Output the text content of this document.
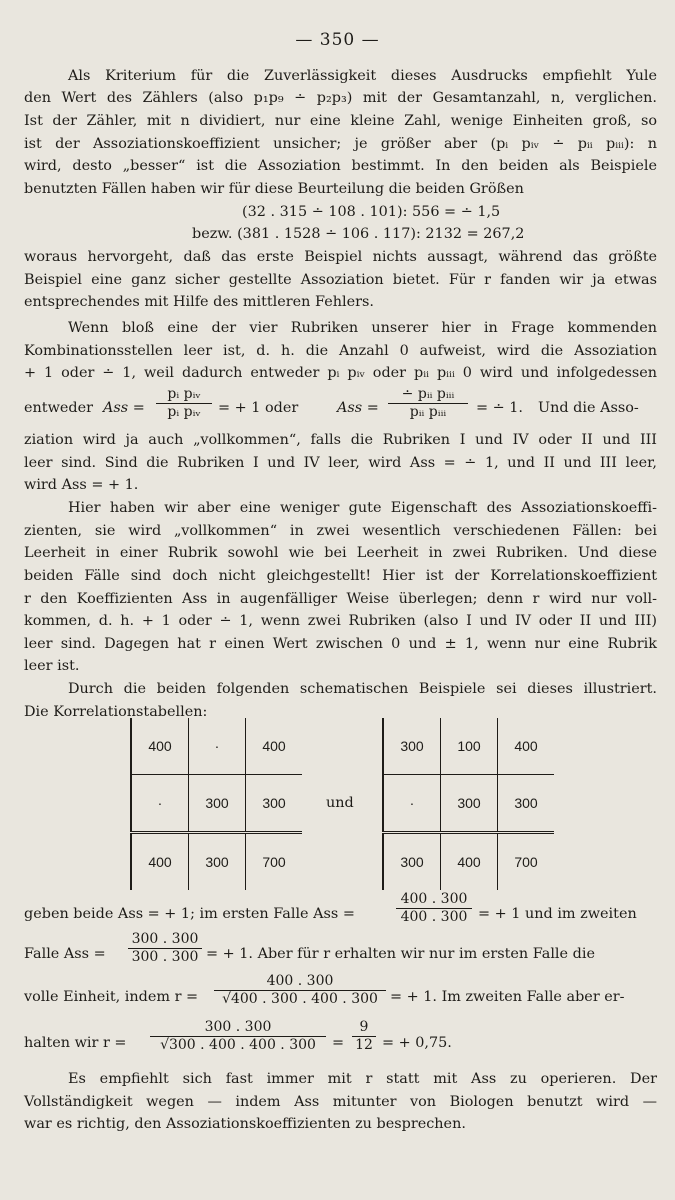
— 350 —
Als Kriterium für die Zuverlässigkeit dieses Ausdrucks empfiehlt Yule
den Wert des Zählers (also p₁p₉ ∸ p₂p₃) mit der Gesamtanzahl, n, verglichen.
Ist der Zähler, mit n dividiert, nur eine kleine Zahl, wenige Einheiten groß, so
ist der Assoziationskoeffizient unsicher; je größer aber (pᵢ pᵢᵥ ∸ pᵢᵢ pᵢᵢᵢ): n
wird, desto „besser“ ist die Assoziation bestimmt. In den beiden als Beispiele
benutzten Fällen haben wir für diese Beurteilung die beiden Größen
(32 . 315 ∸ 108 . 101): 556 = ∸ 1,5
bezw. (381 . 1528 ∸ 106 . 117): 2132 = 267,2
woraus hervorgeht, daß das erste Beispiel nichts aussagt, während das größte
Beispiel eine ganz sicher gestellte Assoziation bietet. Für r fanden wir ja etwas
entsprechendes mit Hilfe des mittleren Fehlers.
Wenn bloß eine der vier Rubriken unserer hier in Frage kommenden
Kombinationsstellen leer ist, d. h. die Anzahl 0 aufweist, wird die Assoziation
+ 1 oder ∸ 1, weil dadurch entweder pᵢ pᵢᵥ oder pᵢᵢ pᵢᵢᵢ 0 wird und infolgedessen
entweder Ass =
pᵢ pᵢᵥ
pᵢ pᵢᵥ	= + 1 oder	Ass =
∸ pᵢᵢ pᵢᵢᵢ
pᵢᵢ pᵢᵢᵢ	= ∸ 1. Und die Asso-
ziation wird ja auch „vollkommen“, falls die Rubriken I und IV oder II und III
leer sind. Sind die Rubriken I und IV leer, wird Ass = ∸ 1, und II und III leer,
wird Ass = + 1.
Hier haben wir aber eine weniger gute Eigenschaft des Assoziationskoeffi-
zienten, sie wird „vollkommen“ in zwei wesentlich verschiedenen Fällen: bei
Leerheit in einer Rubrik sowohl wie bei Leerheit in zwei Rubriken. Und diese
beiden Fälle sind doch nicht gleichgestellt! Hier ist der Korrelationskoeffizient
r den Koeffizienten Ass in augenfälliger Weise überlegen; denn r wird nur voll-
kommen, d. h. + 1 oder ∸ 1, wenn zwei Rubriken (also I und IV oder II und III)
leer sind. Dagegen hat r einen Wert zwischen 0 und ± 1, wenn nur eine Rubrik
leer ist.
Durch die beiden folgenden schematischen Beispiele sei dieses illustriert.
Die Korrelationstabellen:
400	·	400
·	300	300
400	300	700
und
300	100	400
·	300	300
300	400	700
geben beide Ass = + 1; im ersten Falle Ass =	$\frac{400 . 300}{400 . 300}$ = + 1 und im zweiten
Falle Ass = $\frac{300 . 300}{300 . 300}$ = + 1. Aber für r erhalten wir nur im ersten Falle die
volle Einheit, indem $r = \frac{400 . 300}{√400 . 300 . 400 . 300}$ = + 1. Im zweiten Falle aber er-
halten wir $r = \frac{300 . 300}{√300 . 400 . 400 . 300} = \frac{9}{12}$ = + 0,75.
Es empfiehlt sich fast immer mit r statt mit Ass zu operieren. Der
Vollständigkeit wegen — indem Ass mitunter von Biologen benutzt wird —
war es richtig, den Assoziationskoeffizienten zu besprechen.
